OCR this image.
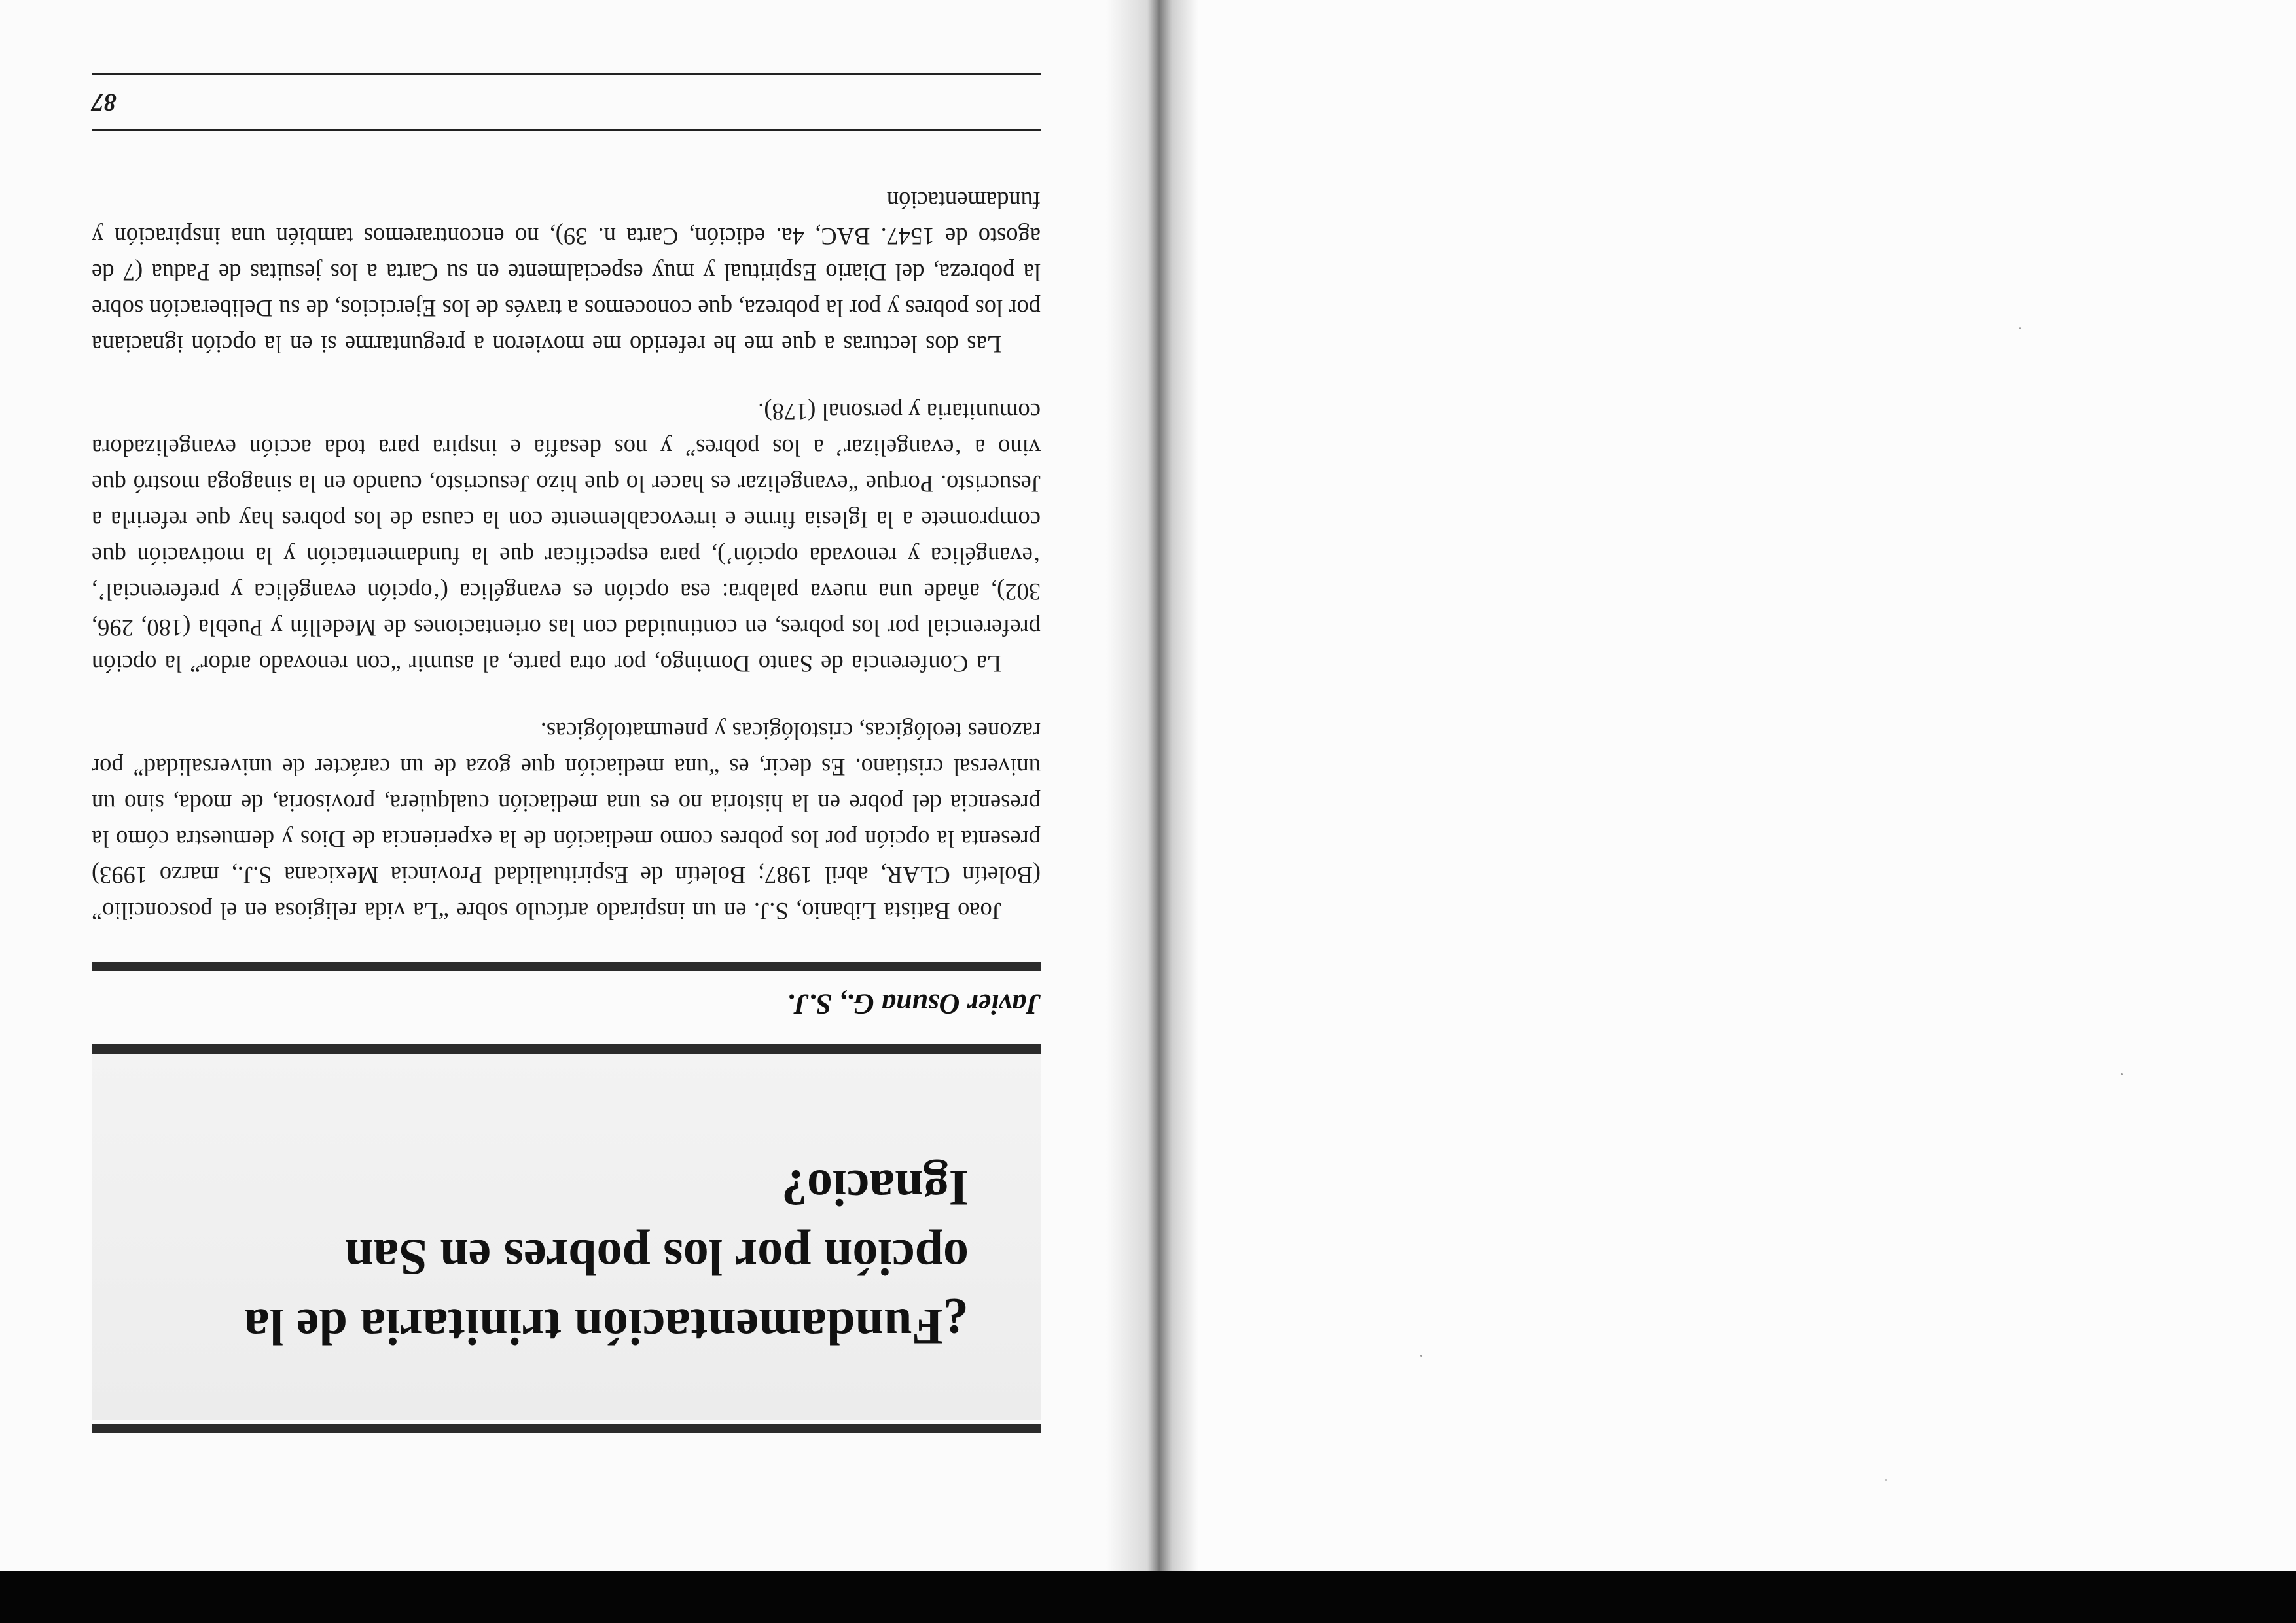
¿Fundamentación trinitaria de la opción por los pobres en San Ignacio?
Javier Osuna G., S.J.

Joao Batista Libanio, S.J. en un inspirado artículo sobre “La vida religiosa en el posconcilio” (Boletín CLAR, abril 1987; Boletín de Espiritualidad Provincia Mexicana S.J., marzo 1993) presenta la opción por los pobres como mediación de la experiencia de Dios y demuestra cómo la presencia del pobre en la historia no es una mediación cualquiera, provisoria, de moda, sino un universal cristiano. Es decir, es “una mediación que goza de un carácter de universalidad” por razones teológicas, cristológicas y pneumatológicas.

La Conferencia de Santo Domingo, por otra parte, al asumir “con renovado ardor” la opción preferencial por los pobres, en continuidad con las orientaciones de Medellín y Puebla (180, 296, 302), añade una nueva palabra: esa opción es evangélica (‘opción evangélica y preferencial’, ‘evangélica y renovada opción’), para especificar que la fundamentación y la motivación que compromete a la Iglesia firme e irrevocablemente con la causa de los pobres hay que referirla a Jesucristo. Porque “evangelizar es hacer lo que hizo Jesucristo, cuando en la sinagoga mostró que vino a ‘evangelizar’ a los pobres” y nos desafía e inspira para toda acción evangelizadora comunitaria y personal (178).

Las dos lecturas a que me he referido me movieron a preguntarme si en la opción ignaciana por los pobres y por la pobreza, que conocemos a través de los Ejercicios, de su Deliberación sobre la pobreza, del Diario Espiritual y muy especialmente en su Carta a los jesuitas de Padua (7 de agosto de 1547. BAC, 4a. edición, Carta n. 39), no encontraremos también una inspiración y fundamentación

87
